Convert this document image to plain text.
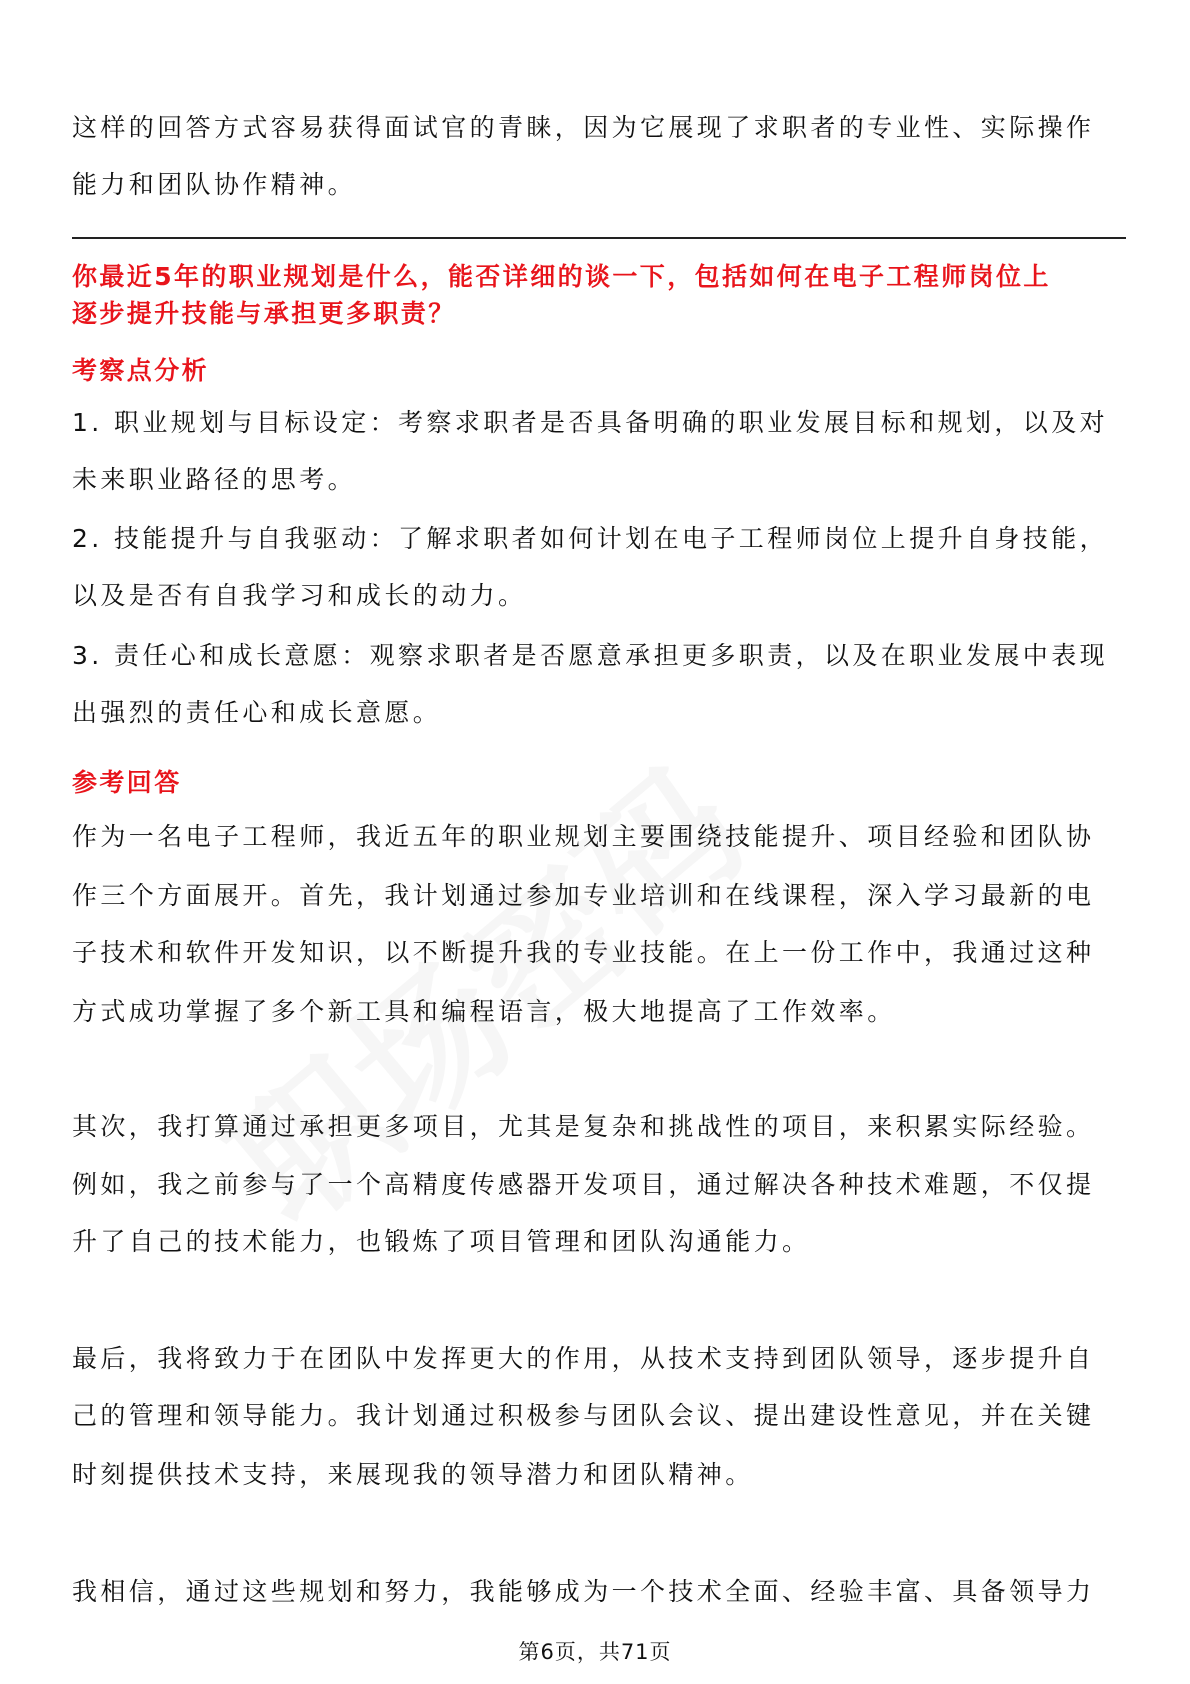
这样的回答方式容易获得面试官的青睐，因为它展现了求职者的专业性、实际操作
能力和团队协作精神。
你最近5年的职业规划是什么，能否详细的谈一下，包括如何在电子工程师岗位上
逐步提升技能与承担更多职责？
考察点分析
1. 职业规划与目标设定：考察求职者是否具备明确的职业发展目标和规划，以及对
未来职业路径的思考。
2. 技能提升与自我驱动：了解求职者如何计划在电子工程师岗位上提升自身技能，
以及是否有自我学习和成长的动力。
3. 责任心和成长意愿：观察求职者是否愿意承担更多职责，以及在职业发展中表现
出强烈的责任心和成长意愿。
参考回答
作为一名电子工程师，我近五年的职业规划主要围绕技能提升、项目经验和团队协
作三个方面展开。首先，我计划通过参加专业培训和在线课程，深入学习最新的电
子技术和软件开发知识，以不断提升我的专业技能。在上一份工作中，我通过这种
方式成功掌握了多个新工具和编程语言，极大地提高了工作效率。
其次，我打算通过承担更多项目，尤其是复杂和挑战性的项目，来积累实际经验。
例如，我之前参与了一个高精度传感器开发项目，通过解决各种技术难题，不仅提
升了自己的技术能力，也锻炼了项目管理和团队沟通能力。
最后，我将致力于在团队中发挥更大的作用，从技术支持到团队领导，逐步提升自
己的管理和领导能力。我计划通过积极参与团队会议、提出建设性意见，并在关键
时刻提供技术支持，来展现我的领导潜力和团队精神。
我相信，通过这些规划和努力，我能够成为一个技术全面、经验丰富、具备领导力
第6页，共71页
